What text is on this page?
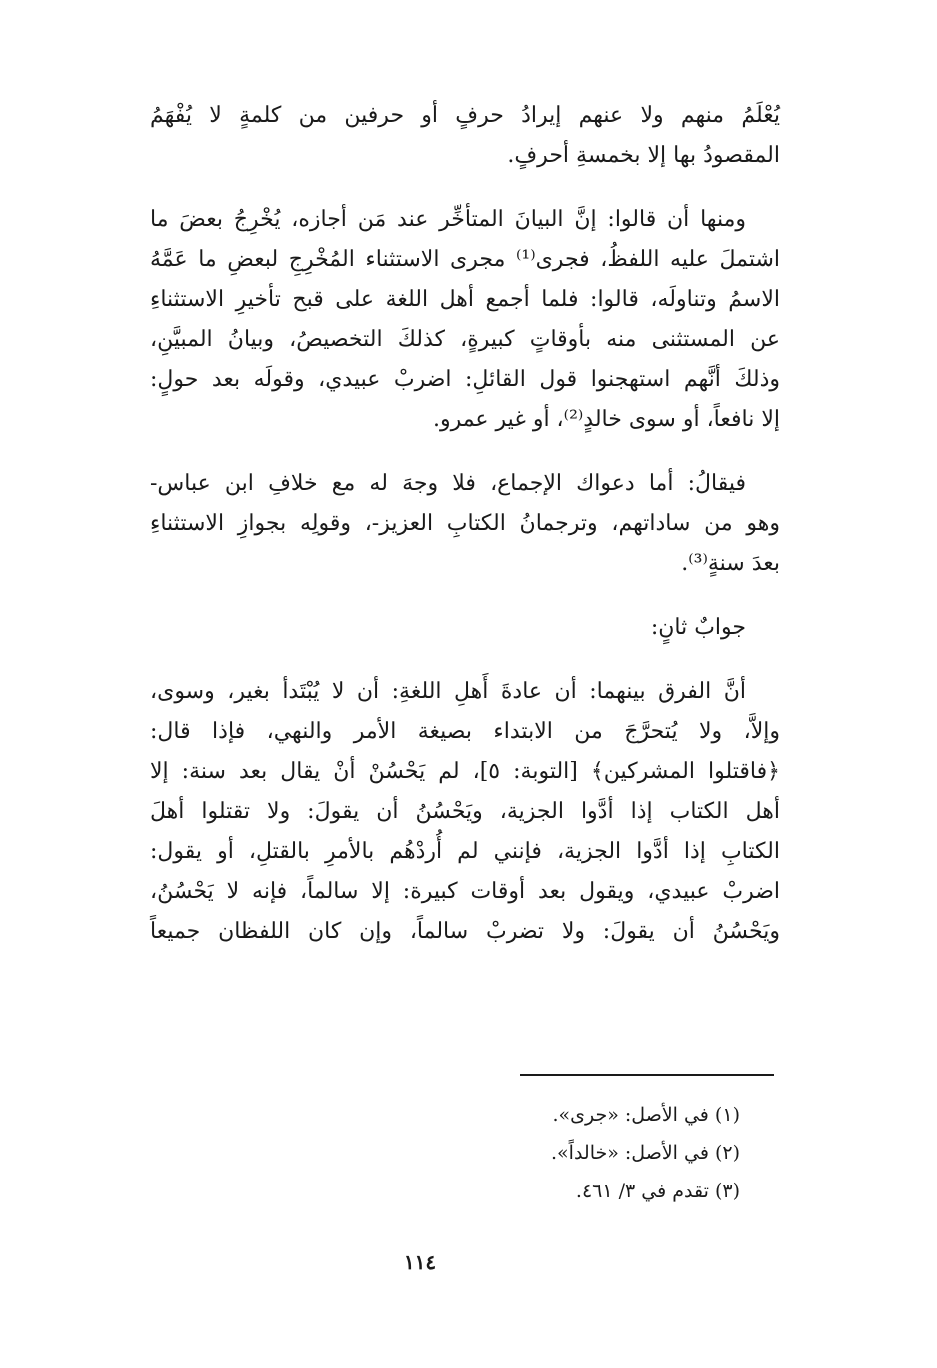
يُعْلَمُ منهم ولا عنهم إيرادُ حرفٍ أو حرفين من كلمةٍ لا يُفْهَمُ
المقصودُ بها إلا بخمسةِ أحرفٍ.
ومنها أن قالوا: إنَّ البيانَ المتأخِّر عند مَن أجازه، يُخْرِجُ بعضَ ما
اشتملَ عليه اللفظُ، فجرى⁽¹⁾ مجرى الاستثناء المُخْرِجِ لبعضِ ما عَمَّهُ
الاسمُ وتناولَه، قالوا: فلما أجمع أهل اللغة على قبح تأخيرِ الاستثناءِ
عن المستثنى منه بأوقاتٍ كبيرةٍ، كذلكَ التخصيصُ، وبيانُ المبيَّنِ،
وذلكَ أنَّهم استهجنوا قول القائلِ: اضربْ عبيدي، وقولَه بعد حولٍ:
إلا نافعاً، أو سوى خالدٍ⁽²⁾، أو غير عمرو.
فيقالُ: أما دعواك الإجماع، فلا وجهَ له مع خلافِ ابن عباس-
وهو من ساداتهم، وترجمانُ الكتابِ العزيز-، وقولِه بجوازِ الاستثناءِ
بعدَ سنةٍ⁽³⁾.
جوابٌ ثانٍ:
أنَّ الفرق بينهما: أن عادةَ أَهلِ اللغةِ: أن لا يُبْتَدأ بغير، وسوى،
وإلاَّ، ولا يُتحرَّجَ من الابتداء بصيغة الأمر والنهي، فإذا قال:
﴿فاقتلوا المشركين﴾ [التوبة: ٥]، لم يَحْسُنْ أنْ يقال بعد سنة: إلا
أهل الكتاب إذا أدَّوا الجزية، ويَحْسُنُ أن يقولَ: ولا تقتلوا أهلَ
الكتابِ إذا أدَّوا الجزية، فإنني لم أُردْهُم بالأمرِ بالقتلِ، أو يقول:
اضربْ عبيدي، ويقول بعد أوقات كبيرة: إلا سالماً، فإنه لا يَحْسُنُ،
ويَحْسُنُ أن يقولَ: ولا تضربْ سالماً، وإن كان اللفظان جميعاً
(١) في الأصل: «جرى».
(٢) في الأصل: «خالداً».
(٣) تقدم في ٣/ ٤٦١.
١١٤
